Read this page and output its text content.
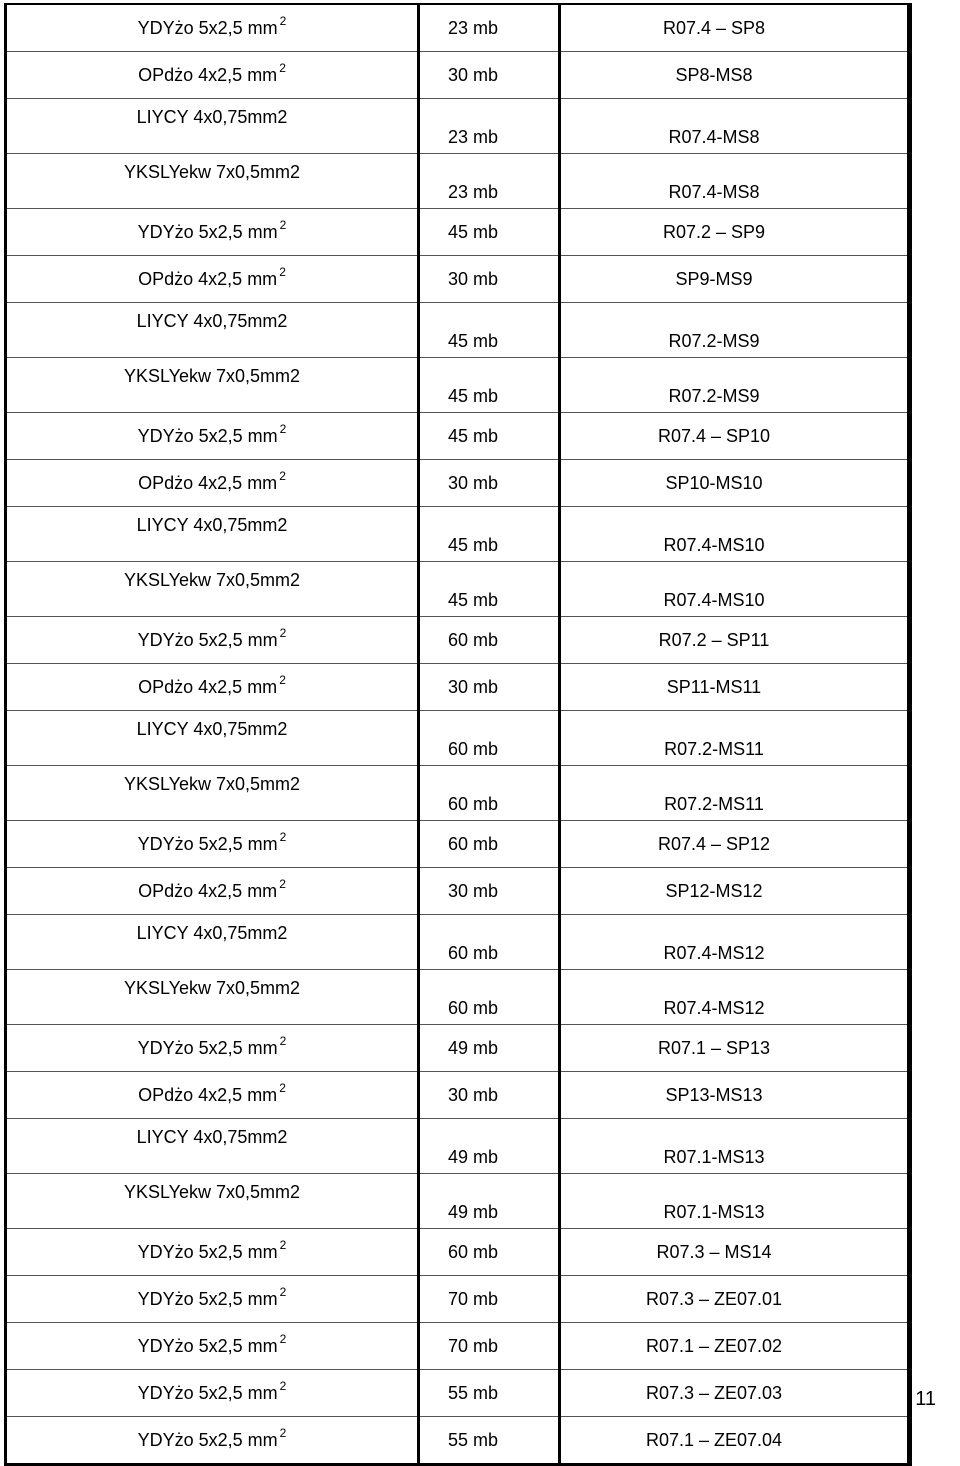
YDYżo 5x2,5 mm $^2$	23 mb	R07.4 – SP8
OPdżo 4x2,5 mm $^2$	30 mb	SP8-MS8
LIYCY 4x0,75mm2	23 mb	R07.4-MS8
YKSLYekw 7x0,5mm2	23 mb	R07.4-MS8
YDYżo 5x2,5 mm $^2$	45 mb	R07.2 – SP9
OPdżo 4x2,5 mm $^2$	30 mb	SP9-MS9
LIYCY 4x0,75mm2	45 mb	R07.2-MS9
YKSLYekw 7x0,5mm2	45 mb	R07.2-MS9
YDYżo 5x2,5 mm $^2$	45 mb	R07.4 – SP10
OPdżo 4x2,5 mm $^2$	30 mb	SP10-MS10
LIYCY 4x0,75mm2	45 mb	R07.4-MS10
YKSLYekw 7x0,5mm2	45 mb	R07.4-MS10
YDYżo 5x2,5 mm $^2$	60 mb	R07.2 – SP11
OPdżo 4x2,5 mm $^2$	30 mb	SP11-MS11
LIYCY 4x0,75mm2	60 mb	R07.2-MS11
YKSLYekw 7x0,5mm2	60 mb	R07.2-MS11
YDYżo 5x2,5 mm $^2$	60 mb	R07.4 – SP12
OPdżo 4x2,5 mm $^2$	30 mb	SP12-MS12
LIYCY 4x0,75mm2	60 mb	R07.4-MS12
YKSLYekw 7x0,5mm2	60 mb	R07.4-MS12
YDYżo 5x2,5 mm $^2$	49 mb	R07.1 – SP13
OPdżo 4x2,5 mm $^2$	30 mb	SP13-MS13
LIYCY 4x0,75mm2	49 mb	R07.1-MS13
YKSLYekw 7x0,5mm2	49 mb	R07.1-MS13
YDYżo 5x2,5 mm $^2$	60 mb	R07.3 – MS14
YDYżo 5x2,5 mm $^2$	70 mb	R07.3 – ZE07.01
YDYżo 5x2,5 mm $^2$	70 mb	R07.1 – ZE07.02
YDYżo 5x2,5 mm $^2$	55 mb	R07.3 – ZE07.03
YDYżo 5x2,5 mm $^2$	55 mb	R07.1 – ZE07.04
11
